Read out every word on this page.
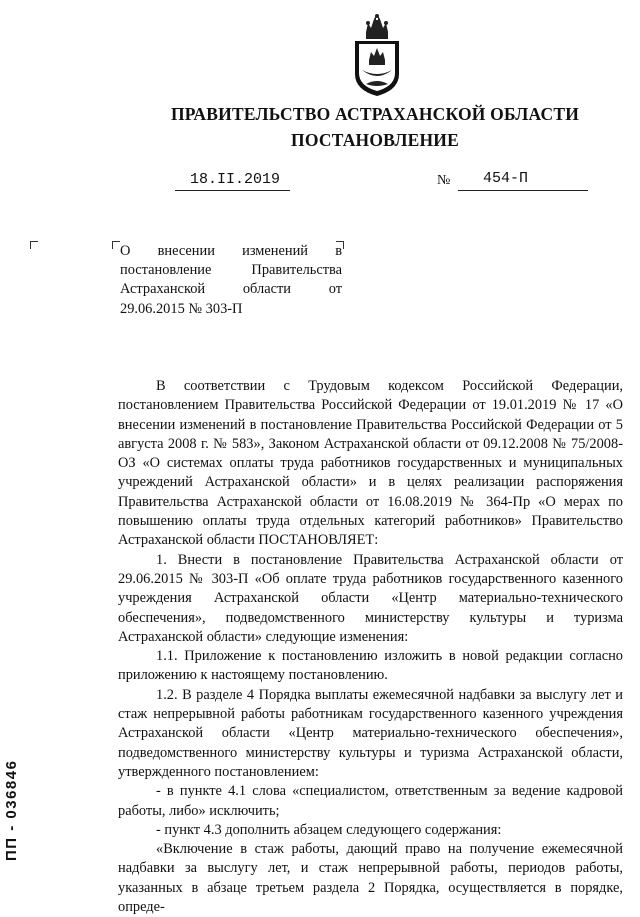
ПРАВИТЕЛЬСТВО АСТРАХАНСКОЙ ОБЛАСТИ
ПОСТАНОВЛЕНИЕ
18.II.2019	№ 454-П
О внесении изменений в постановление Правительства Астраханской области от 29.06.2015 № 303-П

В соответствии с Трудовым кодексом Российской Федерации, постановлением Правительства Российской Федерации от 19.01.2019 № 17 «О внесении изменений в постановление Правительства Российской Федерации от 5 августа 2008 г. № 583», Законом Астраханской области от 09.12.2008 № 75/2008-ОЗ «О системах оплаты труда работников государственных и муниципальных учреждений Астраханской области» и в целях реализации распоряжения Правительства Астраханской области от 16.08.2019 № 364-Пр «О мерах по повышению оплаты труда отдельных категорий работников» Правительство Астраханской области ПОСТАНОВЛЯЕТ:

1. Внести в постановление Правительства Астраханской области от 29.06.2015 № 303-П «Об оплате труда работников государственного казенного учреждения Астраханской области «Центр материально-технического обеспечения», подведомственного министерству культуры и туризма Астраханской области» следующие изменения:

1.1. Приложение к постановлению изложить в новой редакции согласно приложению к настоящему постановлению.

1.2. В разделе 4 Порядка выплаты ежемесячной надбавки за выслугу лет и стаж непрерывной работы работникам государственного казенного учреждения Астраханской области «Центр материально-технического обеспечения», подведомственного министерству культуры и туризма Астраханской области, утвержденного постановлением:

- в пункте 4.1 слова «специалистом, ответственным за ведение кадровой работы, либо» исключить;

- пункт 4.3 дополнить абзацем следующего содержания:

«Включение в стаж работы, дающий право на получение ежемесячной надбавки за выслугу лет, и стаж непрерывной работы, периодов работы, указанных в абзаце третьем раздела 2 Порядка, осуществляется в порядке, опреде-

ПП - 036846
